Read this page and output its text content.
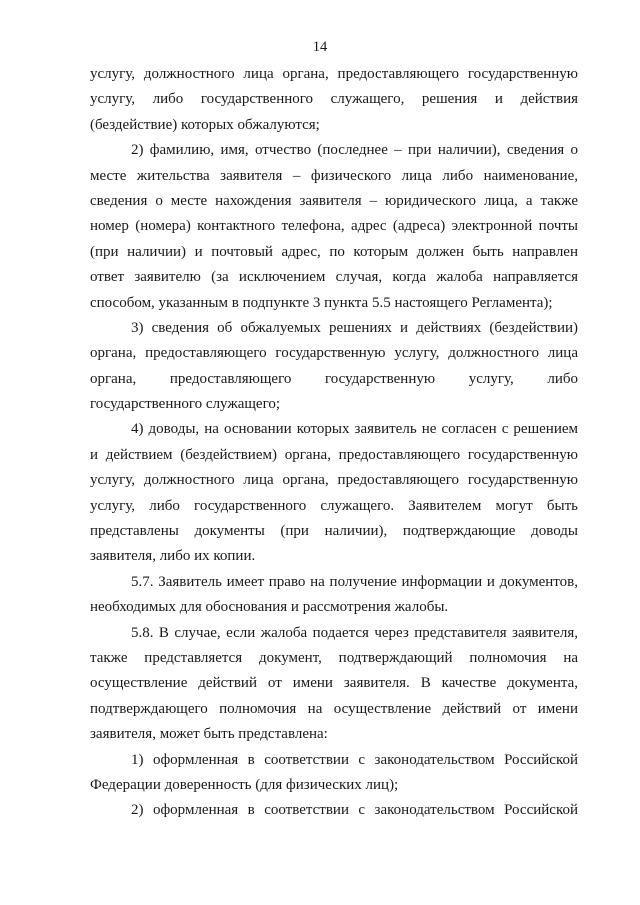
14
услугу, должностного лица органа, предоставляющего государственную
услугу, либо государственного служащего, решения и действия
(бездействие) которых обжалуются;
2) фамилию, имя, отчество (последнее – при наличии), сведения о
месте жительства заявителя – физического лица либо наименование,
сведения о месте нахождения заявителя – юридического лица, а также
номер (номера) контактного телефона, адрес (адреса) электронной почты
(при наличии) и почтовый адрес, по которым должен быть направлен
ответ заявителю (за исключением случая, когда жалоба направляется
способом, указанным в подпункте 3 пункта 5.5 настоящего Регламента);
3) сведения об обжалуемых решениях и действиях (бездействии)
органа, предоставляющего государственную услугу, должностного лица
органа, предоставляющего государственную услугу, либо
государственного служащего;
4) доводы, на основании которых заявитель не согласен с решением
и действием (бездействием) органа, предоставляющего государственную
услугу, должностного лица органа, предоставляющего государственную
услугу, либо государственного служащего. Заявителем могут быть
представлены документы (при наличии), подтверждающие доводы
заявителя, либо их копии.
5.7. Заявитель имеет право на получение информации и документов,
необходимых для обоснования и рассмотрения жалобы.
5.8. В случае, если жалоба подается через представителя заявителя,
также представляется документ, подтверждающий полномочия на
осуществление действий от имени заявителя. В качестве документа,
подтверждающего полномочия на осуществление действий от имени
заявителя, может быть представлена:
1) оформленная в соответствии с законодательством Российской
Федерации доверенность (для физических лиц);
2) оформленная в соответствии с законодательством Российской
